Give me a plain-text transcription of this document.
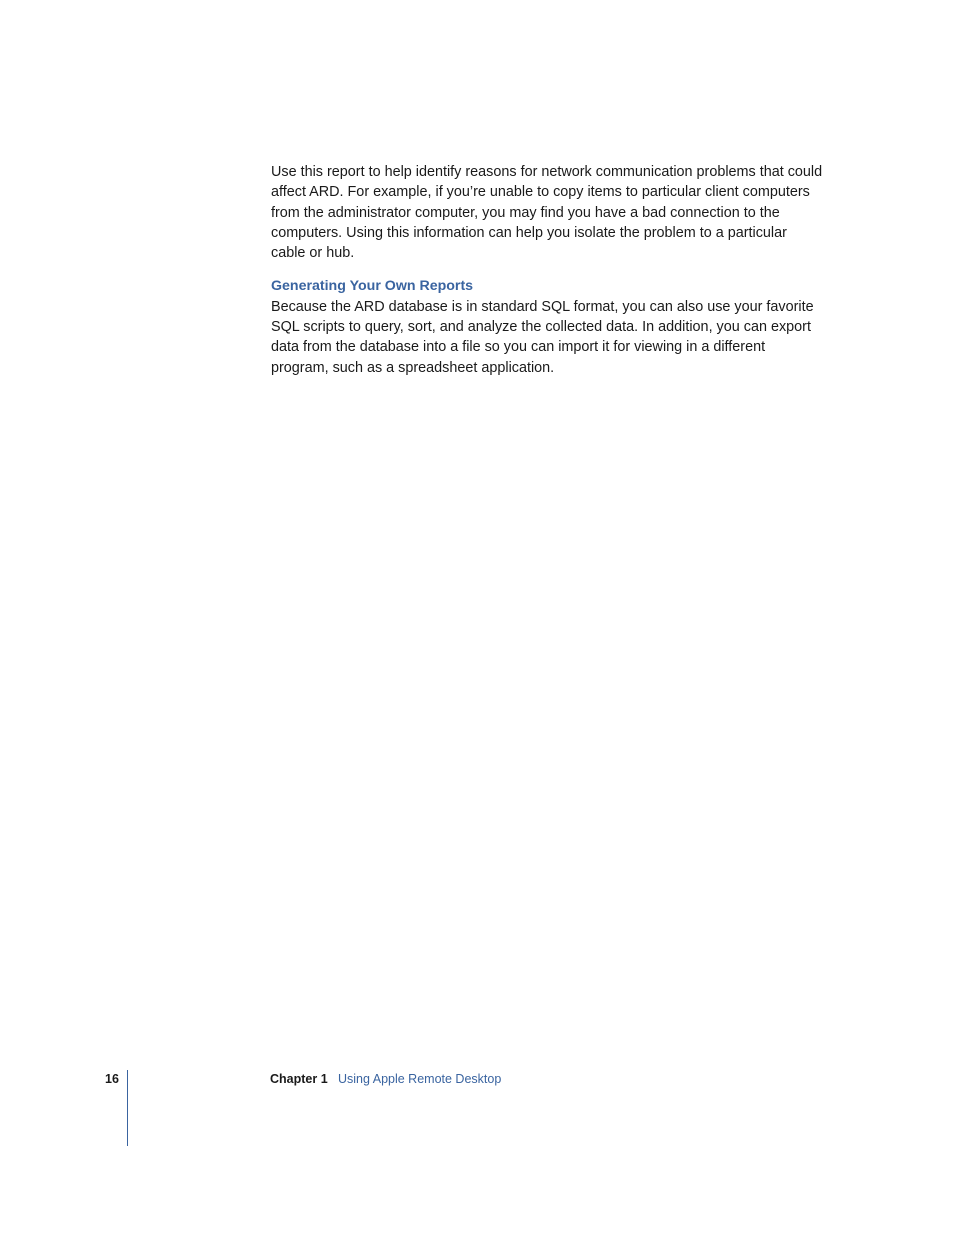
Use this report to help identify reasons for network communication problems that could affect ARD. For example, if you’re unable to copy items to particular client computers from the administrator computer, you may find you have a bad connection to the computers. Using this information can help you isolate the problem to a particular cable or hub.

Generating Your Own Reports

Because the ARD database is in standard SQL format, you can also use your favorite SQL scripts to query, sort, and analyze the collected data. In addition, you can export data from the database into a file so you can import it for viewing in a different program, such as a spreadsheet application.

16	Chapter 1 Using Apple Remote Desktop
